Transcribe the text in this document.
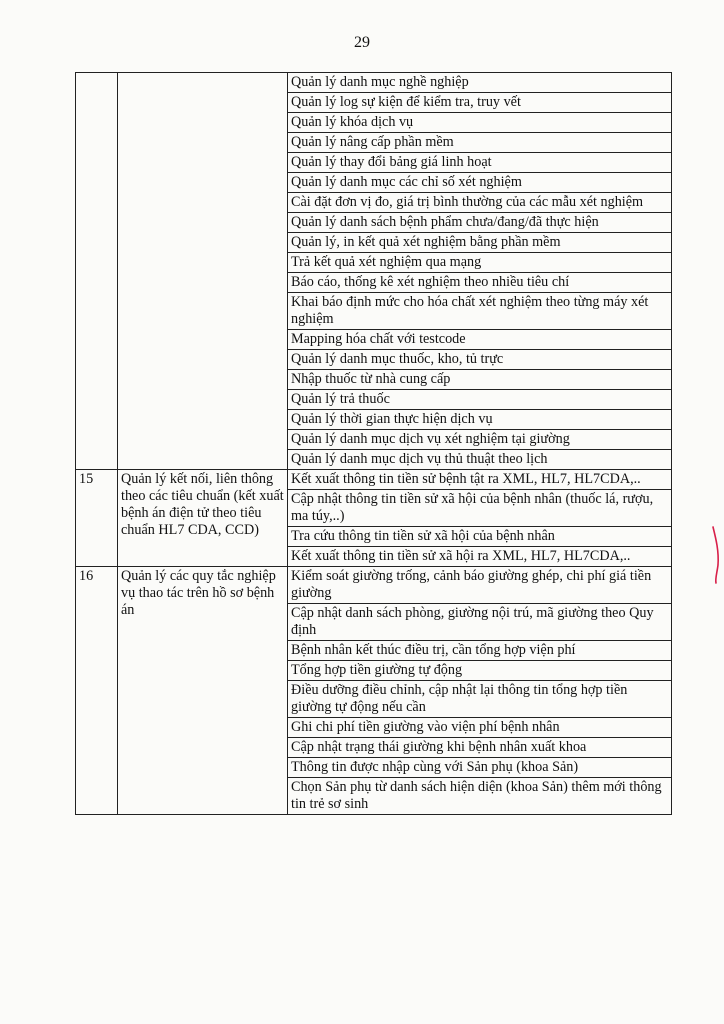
29
		Quản lý danh mục nghề nghiệp
		Quản lý log sự kiện để kiểm tra, truy vết
		Quản lý khóa dịch vụ
		Quản lý nâng cấp phần mềm
		Quản lý thay đổi bảng giá linh hoạt
		Quản lý danh mục các chỉ số xét nghiệm
		Cài đặt đơn vị đo, giá trị bình thường của các mẫu xét nghiệm
		Quản lý danh sách bệnh phẩm chưa/đang/đã thực hiện
		Quản lý, in kết quả xét nghiệm bằng phần mềm
		Trả kết quả xét nghiệm qua mạng
		Báo cáo, thống kê xét nghiệm theo nhiều tiêu chí
		Khai báo định mức cho hóa chất xét nghiệm theo từng máy xét nghiệm
		Mapping hóa chất với testcode
		Quản lý danh mục thuốc, kho, tủ trực
		Nhập thuốc từ nhà cung cấp
		Quản lý trả thuốc
		Quản lý thời gian thực hiện dịch vụ
		Quản lý danh mục dịch vụ xét nghiệm tại giường
		Quản lý danh mục dịch vụ thủ thuật theo lịch
15	Quản lý kết nối, liên thông theo các tiêu chuẩn (kết xuất bệnh án điện tử theo tiêu chuẩn HL7 CDA, CCD)	Kết xuất thông tin tiền sử bệnh tật ra XML, HL7, HL7CDA,..
		Cập nhật thông tin tiền sử xã hội của bệnh nhân (thuốc lá, rượu, ma túy,..)
		Tra cứu thông tin tiền sử xã hội của bệnh nhân
		Kết xuất thông tin tiền sử xã hội ra XML, HL7, HL7CDA,..
16	Quản lý các quy tắc nghiệp vụ thao tác trên hồ sơ bệnh án	Kiểm soát giường trống, cảnh báo giường ghép, chi phí giá tiền giường
		Cập nhật danh sách phòng, giường nội trú, mã giường theo Quy định
		Bệnh nhân kết thúc điều trị, cần tổng hợp viện phí
		Tổng hợp tiền giường tự động
		Điều dưỡng điều chỉnh, cập nhật lại thông tin tổng hợp tiền giường tự động nếu cần
		Ghi chi phí tiền giường vào viện phí bệnh nhân
		Cập nhật trạng thái giường khi bệnh nhân xuất khoa
		Thông tin được nhập cùng với Sản phụ (khoa Sản)
		Chọn Sản phụ từ danh sách hiện diện (khoa Sản) thêm mới thông tin trẻ sơ sinh
